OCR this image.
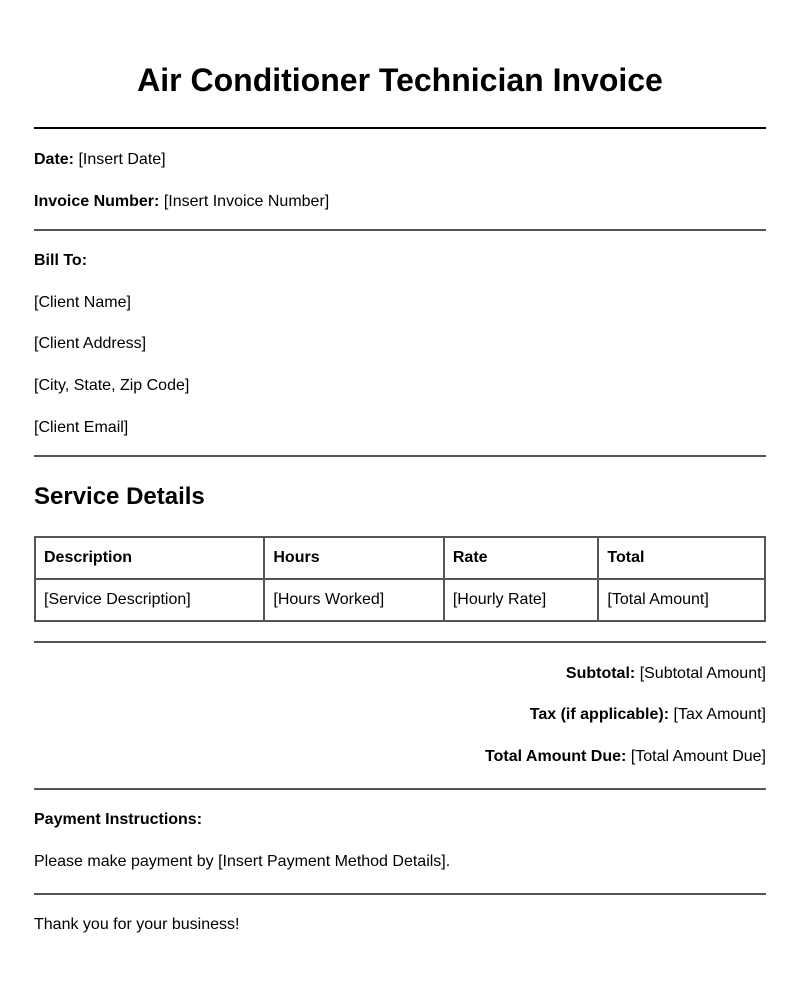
Air Conditioner Technician Invoice
Date: [Insert Date]
Invoice Number: [Insert Invoice Number]
Bill To:
[Client Name]
[Client Address]
[City, State, Zip Code]
[Client Email]
Service Details
Description	Hours	Rate	Total
[Service Description]	[Hours Worked]	[Hourly Rate]	[Total Amount]
Subtotal: [Subtotal Amount]
Tax (if applicable): [Tax Amount]
Total Amount Due: [Total Amount Due]
Payment Instructions:
Please make payment by [Insert Payment Method Details].
Thank you for your business!
